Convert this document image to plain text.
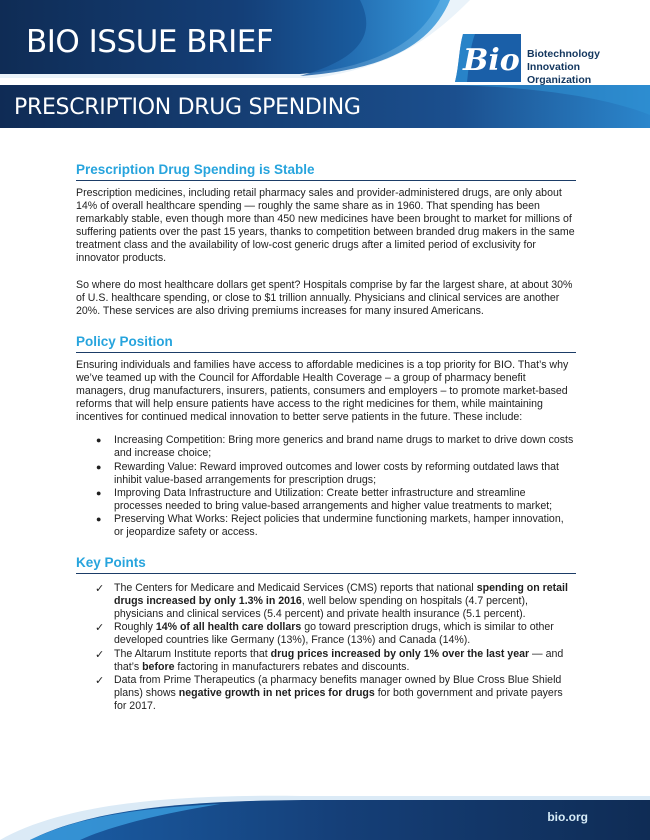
BIO ISSUE BRIEF
PRESCRIPTION DRUG SPENDING
Bio Biotechnology
Innovation
Organization
Prescription Drug Spending is Stable

Prescription medicines, including retail pharmacy sales and provider-administered drugs, are only about 14% of overall healthcare spending — roughly the same share as in 1960. That spending has been remarkably stable, even though more than 450 new medicines have been brought to market for millions of suffering patients over the past 15 years, thanks to competition between branded drug makers in the same treatment class and the availability of low-cost generic drugs after a limited period of exclusivity for innovator products.

So where do most healthcare dollars get spent? Hospitals comprise by far the largest share, at about 30% of U.S. healthcare spending, or close to $1 trillion annually. Physicians and clinical services are another 20%. These services are also driving premiums increases for many insured Americans.

Policy Position

Ensuring individuals and families have access to affordable medicines is a top priority for BIO. That’s why we’ve teamed up with the Council for Affordable Health Coverage – a group of pharmacy benefit managers, drug manufacturers, insurers, patients, consumers and employers – to promote market-based reforms that will help ensure patients have access to the right medicines for them, while maintaining incentives for continued medical innovation to better serve patients in the future. These include:

● Increasing Competition: Bring more generics and brand name drugs to market to drive down costs and increase choice;
● Rewarding Value: Reward improved outcomes and lower costs by reforming outdated laws that inhibit value-based arrangements for prescription drugs;
● Improving Data Infrastructure and Utilization: Create better infrastructure and streamline processes needed to bring value-based arrangements and higher value treatments to market;
● Preserving What Works: Reject policies that undermine functioning markets, hamper innovation, or jeopardize safety or access.
Key Points
✓ The Centers for Medicare and Medicaid Services (CMS) reports that national spending on retail drugs increased by only 1.3% in 2016, well below spending on hospitals (4.7 percent), physicians and clinical services (5.4 percent) and private health insurance (5.1 percent).
✓ Roughly 14% of all health care dollars go toward prescription drugs, which is similar to other developed countries like Germany (13%), France (13%) and Canada (14%).
✓ The Altarum Institute reports that drug prices increased by only 1% over the last year — and that’s before factoring in manufacturers rebates and discounts.
✓ Data from Prime Therapeutics (a pharmacy benefits manager owned by Blue Cross Blue Shield plans) shows negative growth in net prices for drugs for both government and private payers for 2017.
bio.org
